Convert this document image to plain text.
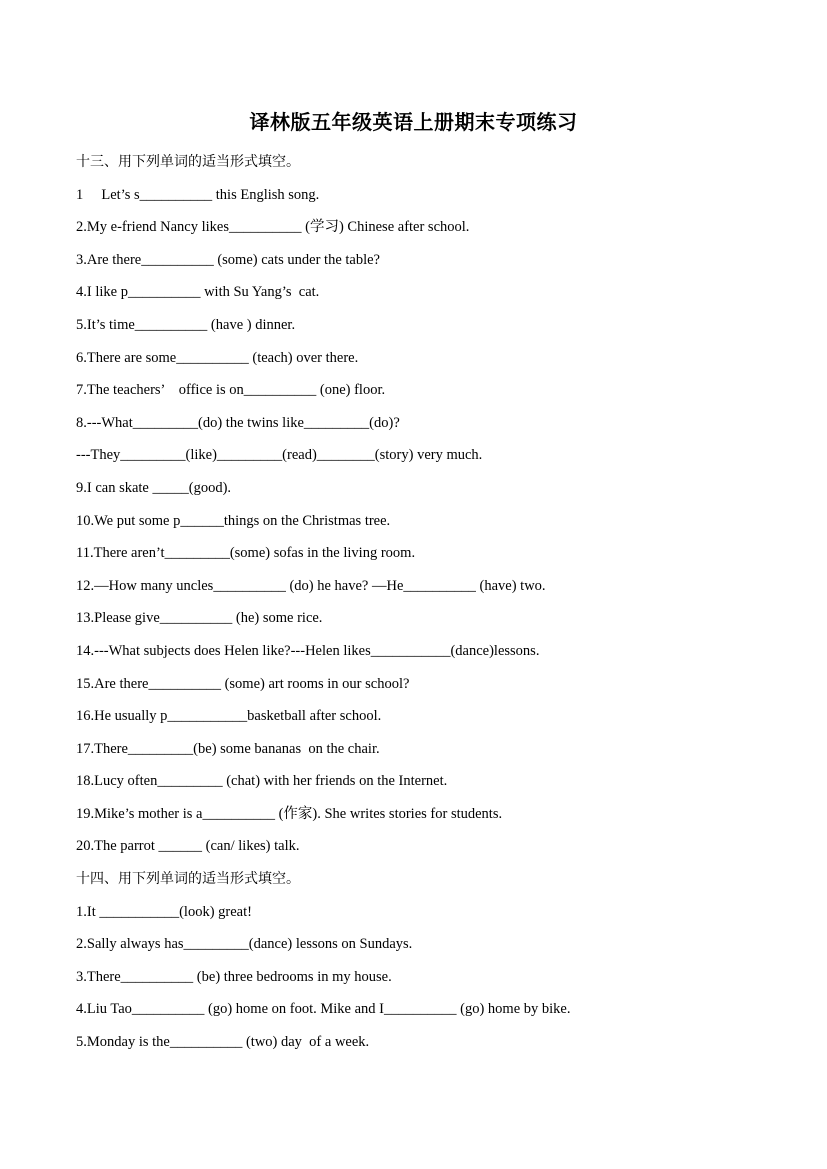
译林版五年级英语上册期末专项练习
十三、用下列单词的适当形式填空。
1     Let’s s__________ this English song.
2.My e-friend Nancy likes__________ (学习) Chinese after school.
3.Are there__________ (some) cats under the table?
4.I like p__________ with Su Yang’s  cat.
5.It’s time__________ (have ) dinner.
6.There are some__________ (teach) over there.
7.The teachers’    office is on__________ (one) floor.
8.---What_________(do) the twins like_________(do)?
---They_________(like)_________(read)________(story) very much.
9.I can skate _____(good).
10.We put some p______things on the Christmas tree.
11.There aren’t_________(some) sofas in the living room.
12.—How many uncles__________ (do) he have? —He__________ (have) two.
13.Please give__________ (he) some rice.
14.---What subjects does Helen like?---Helen likes___________(dance)lessons.
15.Are there__________ (some) art rooms in our school?
16.He usually p___________basketball after school.
17.There_________(be) some bananas  on the chair.
18.Lucy often_________ (chat) with her friends on the Internet.
19.Mike’s mother is a__________ (作家). She writes stories for students.
20.The parrot ______ (can/ likes) talk.
十四、用下列单词的适当形式填空。
1.It ___________(look) great!
2.Sally always has_________(dance) lessons on Sundays.
3.There__________ (be) three bedrooms in my house.
4.Liu Tao__________ (go) home on foot. Mike and I__________ (go) home by bike.
5.Monday is the__________ (two) day  of a week.
